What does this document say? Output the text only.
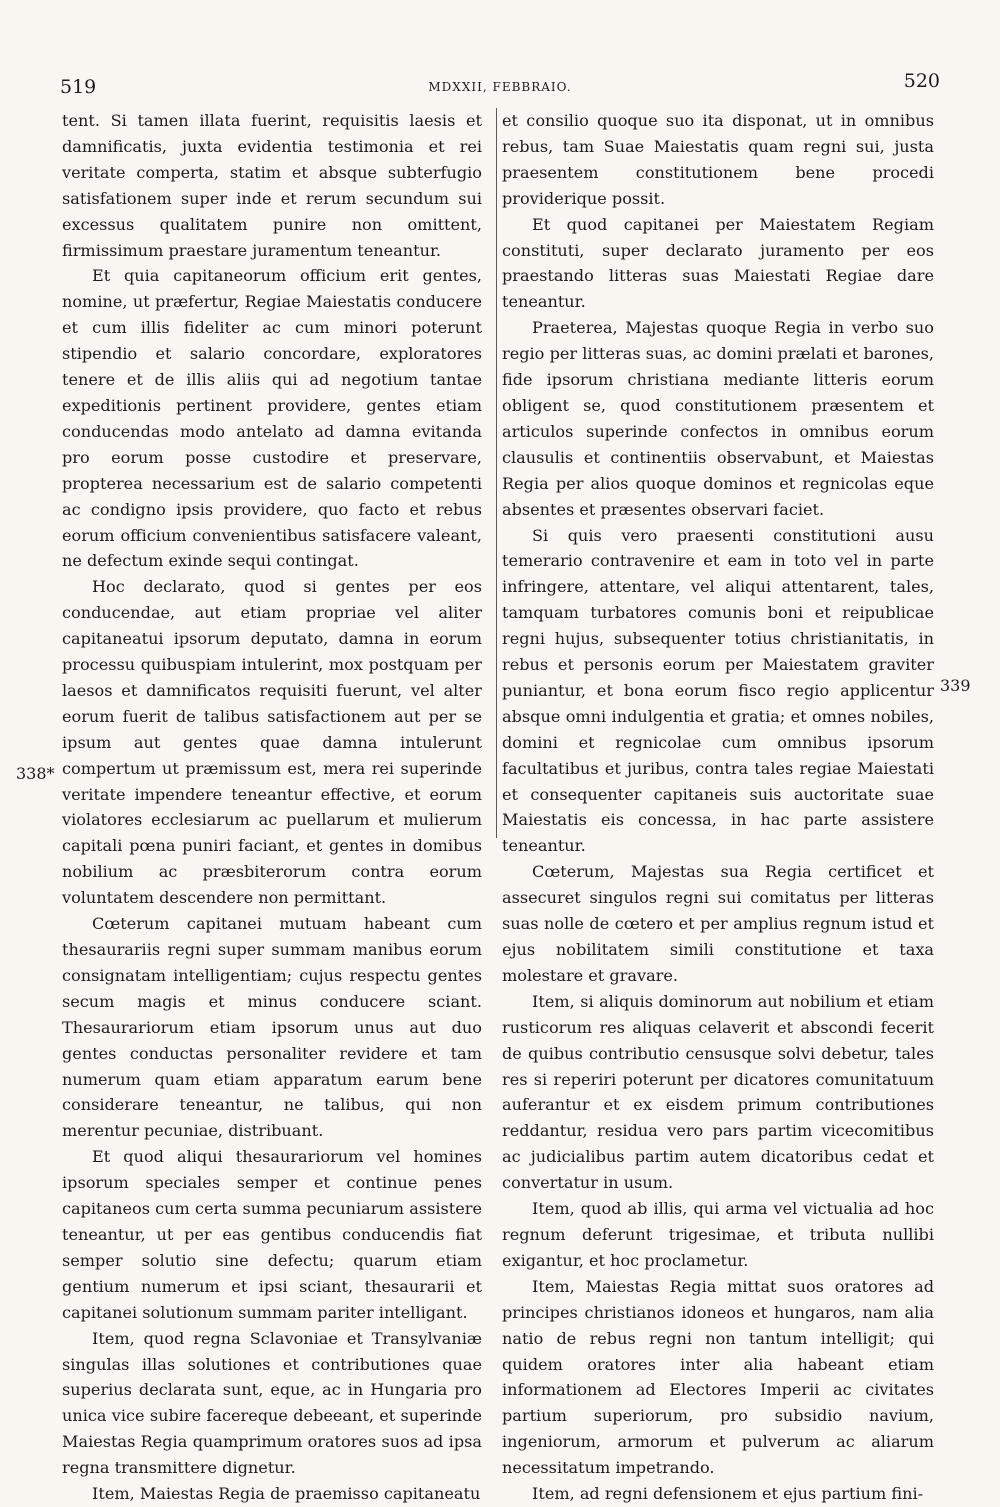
519	MDXXII, FEBBRAIO.	520

tent. Si tamen illata fuerint, requisitis laesis et damnificatis, juxta evidentia testimonia et rei veritate comperta, statim et absque subterfugio satisfationem super inde et rerum secundum sui excessus qualitatem punire non omittent, firmissimum praestare juramentum teneantur.

Et quia capitaneorum officium erit gentes, nomine, ut præfertur, Regiae Maiestatis conducere et cum illis fideliter ac cum minori poterunt stipendio et salario concordare, exploratores tenere et de illis aliis qui ad negotium tantae expeditionis pertinent providere, gentes etiam conducendas modo antelato ad damna evitanda pro eorum posse custodire et preservare, propterea necessarium est de salario competenti ac condigno ipsis providere, quo facto et rebus eorum officium convenientibus satisfacere valeant, ne defectum exinde sequi contingat.

Hoc declarato, quod si gentes per eos conducendae, aut etiam propriae vel aliter capitaneatui ipsorum deputato, damna in eorum processu quibuspiam intulerint, mox postquam per laesos et damnificatos requisiti fuerunt, vel alter eorum fuerit de talibus satisfactionem aut per se ipsum aut gentes quae damna intulerunt compertum ut præmissum est, mera rei superinde veritate impendere teneantur effective, et eorum violatores ecclesiarum ac puellarum et mulierum capitali pœna puniri faciant, et gentes in domibus nobilium ac præsbiterorum contra eorum voluntatem descendere non permittant.

Cœterum capitanei mutuam habeant cum thesaurariis regni super summam manibus eorum consignatam intelligentiam; cujus respectu gentes secum magis et minus conducere sciant. Thesaurariorum etiam ipsorum unus aut duo gentes conductas personaliter revidere et tam numerum quam etiam apparatum earum bene considerare teneantur, ne talibus, qui non merentur pecuniae, distribuant.

Et quod aliqui thesaurariorum vel homines ipsorum speciales semper et continue penes capitaneos cum certa summa pecuniarum assistere teneantur, ut per eas gentibus conducendis fiat semper solutio sine defectu; quarum etiam gentium numerum et ipsi sciant, thesaurarii et capitanei solutionum summam pariter intelligant.

Item, quod regna Sclavoniae et Transylvaniæ singulas illas solutiones et contributiones quae superius declarata sunt, eque, ac in Hungaria pro unica vice subire facereque debeeant, et superinde Maiestas Regia quamprimum oratores suos ad ipsa regna transmittere dignetur.

Item, Maiestas Regia de praemisso capitaneatu

et consilio quoque suo ita disponat, ut in omnibus rebus, tam Suae Maiestatis quam regni sui, justa praesentem constitutionem bene procedi providerique possit.

Et quod capitanei per Maiestatem Regiam constituti, super declarato juramento per eos praestando litteras suas Maiestati Regiae dare teneantur.

Praeterea, Majestas quoque Regia in verbo suo regio per litteras suas, ac domini prælati et barones, fide ipsorum christiana mediante litteris eorum obligent se, quod constitutionem præsentem et articulos superinde confectos in omnibus eorum clausulis et continentiis observabunt, et Maiestas Regia per alios quoque dominos et regnicolas eque absentes et præsentes observari faciet.

Si quis vero praesenti constitutioni ausu temerario contravenire et eam in toto vel in parte infringere, attentare, vel aliqui attentarent, tales, tamquam turbatores comunis boni et reipublicae regni hujus, subsequenter totius christianitatis, in rebus et personis eorum per Maiestatem graviter puniantur, et bona eorum fisco regio applicentur absque omni indulgentia et gratia; et omnes nobiles, domini et regnicolae cum omnibus ipsorum facultatibus et juribus, contra tales regiae Maiestati et consequenter capitaneis suis auctoritate suae Maiestatis eis concessa, in hac parte assistere teneantur.

Cœterum, Majestas sua Regia certificet et assecuret singulos regni sui comitatus per litteras suas nolle de cœtero et per amplius regnum istud et ejus nobilitatem simili constitutione et taxa molestare et gravare.

Item, si aliquis dominorum aut nobilium et etiam rusticorum res aliquas celaverit et abscondi fecerit de quibus contributio censusque solvi debetur, tales res si reperiri poterunt per dicatores comunitatuum auferantur et ex eisdem primum contributiones reddantur, residua vero pars partim vicecomitibus ac judicialibus partim autem dicatoribus cedat et convertatur in usum.

Item, quod ab illis, qui arma vel victualia ad hoc regnum deferunt trigesimae, et tributa nullibi exigantur, et hoc proclametur.

Item, Maiestas Regia mittat suos oratores ad principes christianos idoneos et hungaros, nam alia natio de rebus regni non tantum intelligit; qui quidem oratores inter alia habeant etiam informationem ad Electores Imperii ac civitates partium superiorum, pro subsidio navium, ingeniorum, armorum et pulverum ac aliarum necessitatum impetrando.

Item, ad regni defensionem et ejus partium fini-

338*
339
